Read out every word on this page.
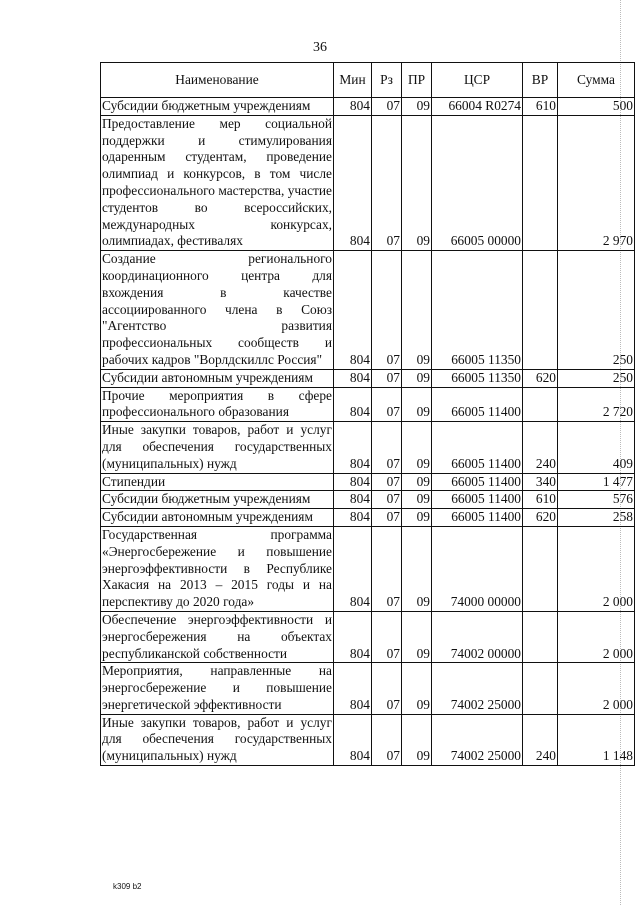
36
Наименование	Мин	Рз	ПР	ЦСР	ВР	Сумма
Субсидии бюджетным учреждениям	804	07	09	66004 R0274	610	500
Предоставление мер социальной поддержки и стимулирования одаренным студентам, проведение олимпиад и конкурсов, в том числе профессионального мастерства, участие студентов во всероссийских, международных конкурсах, олимпиадах, фестивалях	804	07	09	66005 00000		2 970
Создание регионального координационного центра для вхождения в качестве ассоциированного члена в Союз "Агентство развития профессиональных сообществ и рабочих кадров "Ворлдскиллс Россия"	804	07	09	66005 11350		250
Субсидии автономным учреждениям	804	07	09	66005 11350	620	250
Прочие мероприятия в сфере профессионального образования	804	07	09	66005 11400		2 720
Иные закупки товаров, работ и услуг для обеспечения государственных (муниципальных) нужд	804	07	09	66005 11400	240	409
Стипендии	804	07	09	66005 11400	340	1 477
Субсидии бюджетным учреждениям	804	07	09	66005 11400	610	576
Субсидии автономным учреждениям	804	07	09	66005 11400	620	258
Государственная программа «Энергосбережение и повышение энергоэффективности в Республике Хакасия на 2013 – 2015 годы и на перспективу до 2020 года»	804	07	09	74000 00000		2 000
Обеспечение энергоэффективности и энергосбережения на объектах республиканской собственности	804	07	09	74002 00000		2 000
Мероприятия, направленные на энергосбережение и повышение энергетической эффективности	804	07	09	74002 25000		2 000
Иные закупки товаров, работ и услуг для обеспечения государственных (муниципальных) нужд	804	07	09	74002 25000	240	1 148
k309 b2
